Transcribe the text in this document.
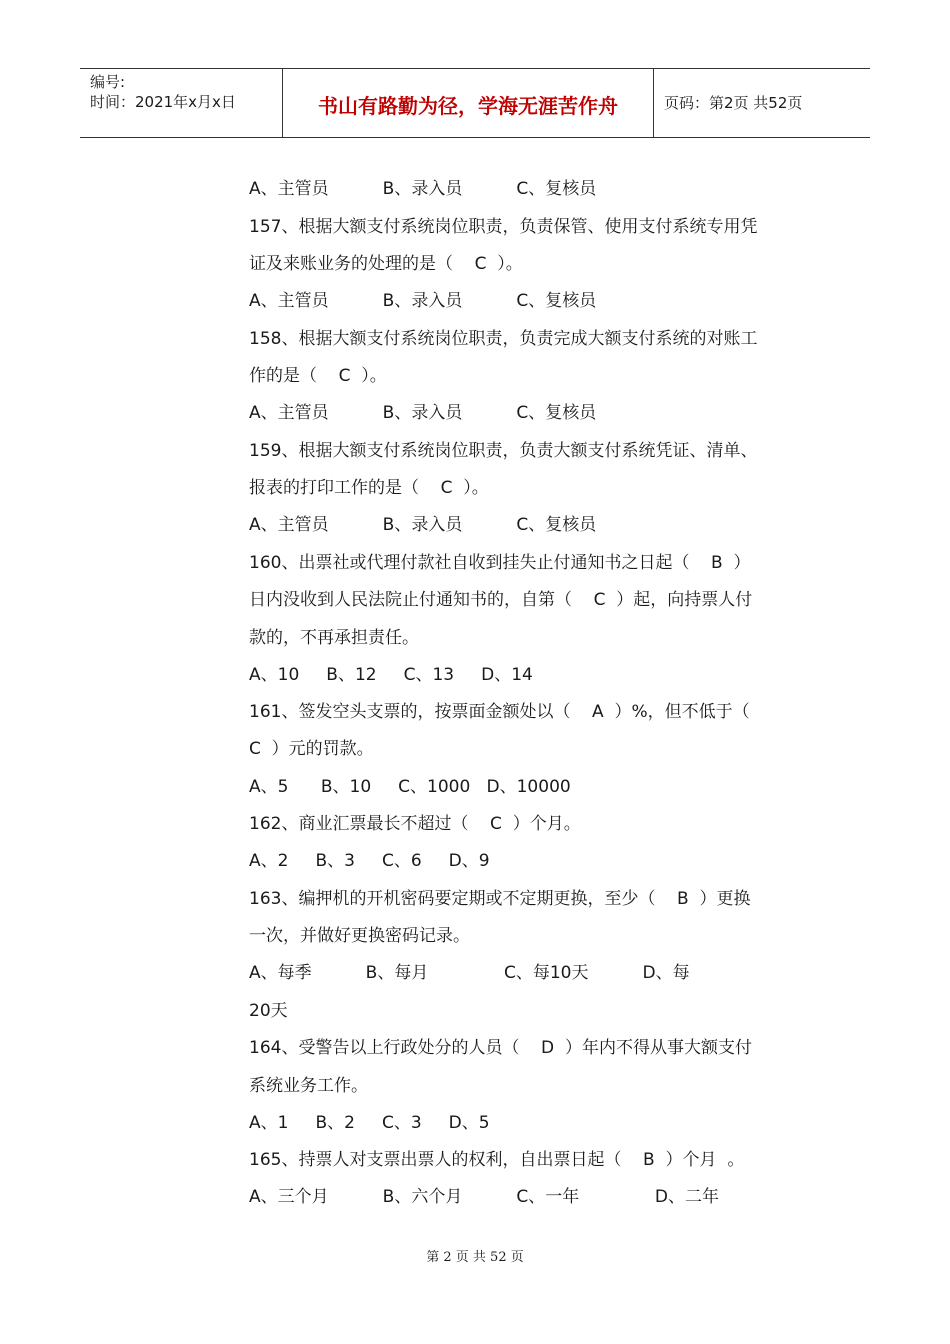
编号:
时间：2021年x月x日	书山有路勤为径，学海无涯苦作舟	页码：第2页 共52页
A、主管员          B、录入员          C、复核员
157、根据大额支付系统岗位职责，负责保管、使用支付系统专用凭
证及来账业务的处理的是（    C  ）。
A、主管员          B、录入员          C、复核员
158、根据大额支付系统岗位职责，负责完成大额支付系统的对账工
作的是（    C  ）。
A、主管员          B、录入员          C、复核员
159、根据大额支付系统岗位职责，负责大额支付系统凭证、清单、
报表的打印工作的是（    C  ）。
A、主管员          B、录入员          C、复核员
160、出票社或代理付款社自收到挂失止付通知书之日起（    B  ）
日内没收到人民法院止付通知书的，自第（    C  ）起，向持票人付
款的，不再承担责任。
A、10     B、12     C、13     D、14
161、签发空头支票的，按票面金额处以（    A  ）%，但不低于（
C  ）元的罚款。
A、5      B、10     C、1000   D、10000
162、商业汇票最长不超过（    C  ）个月。
A、2     B、3     C、6     D、9
163、编押机的开机密码要定期或不定期更换，至少（    B  ）更换
一次，并做好更换密码记录。
A、每季          B、每月              C、每10天          D、每
20天
164、受警告以上行政处分的人员（    D  ）年内不得从事大额支付
系统业务工作。
A、1     B、2     C、3     D、5
165、持票人对支票出票人的权利，自出票日起（    B  ）个月  。
A、三个月          B、六个月          C、一年              D、二年
第 2 页 共 52 页
